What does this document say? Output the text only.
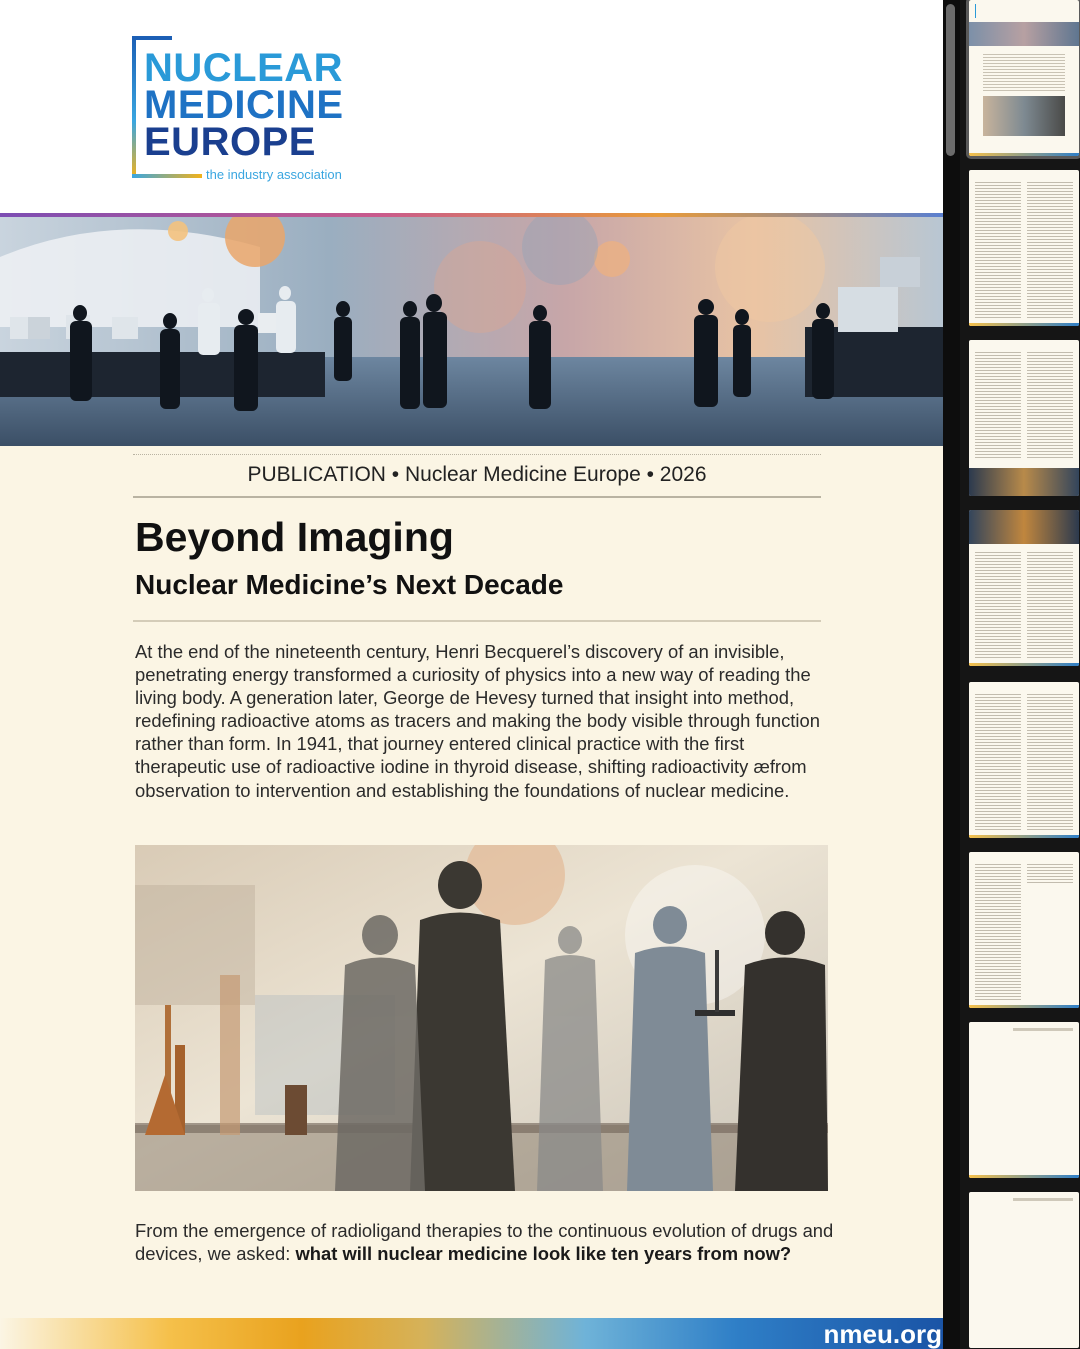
NUCLEAR
MEDICINE
EUROPE
the industry association
PUBLICATION • Nuclear Medicine Europe • 2026
Beyond Imaging
Nuclear Medicine’s Next Decade
At the end of the nineteenth century, Henri Becquerel’s discovery of an invisible, penetrating energy transformed a curiosity of physics into a new way of reading the living body. A generation later, George de Hevesy turned that insight into method, redefining radioactive atoms as tracers and making the body visible through function rather than form. In 1941, that journey entered clinical practice with the first therapeutic use of radioactive iodine in thyroid disease, shifting radioactivity æfrom observation to intervention and establishing the foundations of nuclear medicine.
From the emergence of radioligand therapies to the continuous evolution of drugs and devices, we asked: what will nuclear medicine look like ten years from now?
nmeu.org
